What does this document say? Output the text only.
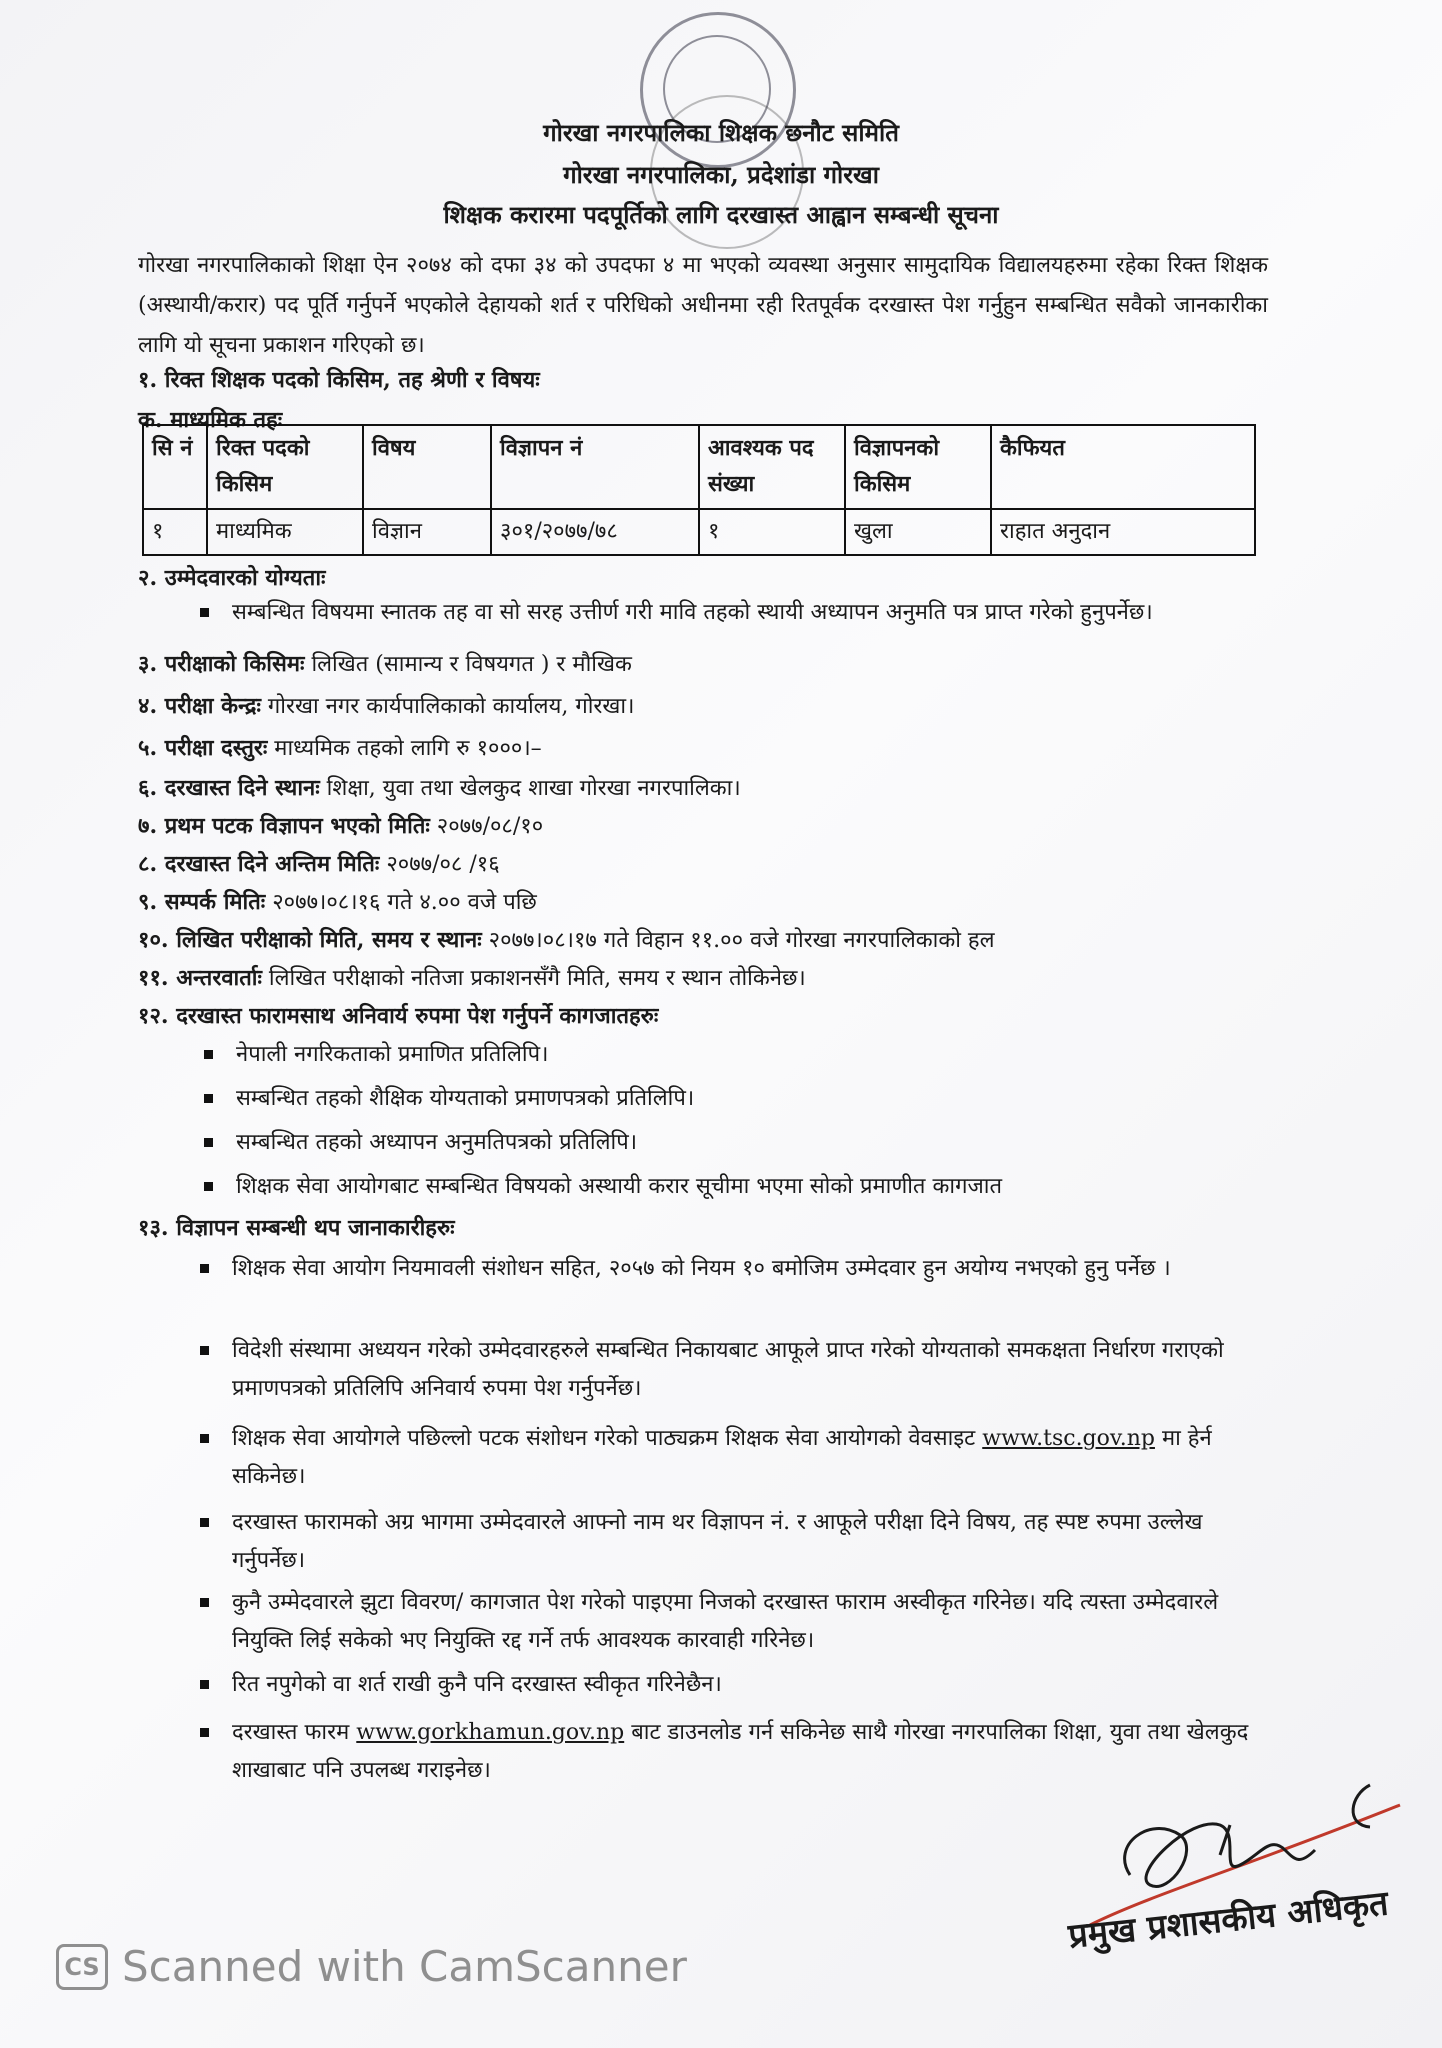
गोरखा नगरपालिका शिक्षक छनौट समिति
गोरखा नगरपालिका, प्रदेशांडा गोरखा
शिक्षक करारमा पदपूर्तिको लागि दरखास्त आह्वान सम्बन्धी सूचना
गोरखा नगरपालिकाको शिक्षा ऐन २०७४ को दफा ३४ को उपदफा ४ मा भएको व्यवस्था अनुसार सामुदायिक विद्यालयहरुमा रहेका रिक्त शिक्षक (अस्थायी/करार) पद पूर्ति गर्नुपर्ने भएकोले देहायको शर्त र परिधिको अधीनमा रही रितपूर्वक दरखास्त पेश गर्नुहुन सम्बन्धित सवैको जानकारीका लागि यो सूचना प्रकाशन गरिएको छ।
१. रिक्त शिक्षक पदको किसिम, तह श्रेणी र विषयः
क. माध्यमिक तहः
सि नं	रिक्त पदको किसिम	विषय	विज्ञापन नं	आवश्यक पद संख्या	विज्ञापनको किसिम	कैफियत
१	माध्यमिक	विज्ञान	३०१/२०७७/७८	१	खुला	राहात अनुदान
२. उम्मेदवारको योग्यताः
सम्बन्धित विषयमा स्नातक तह वा सो सरह उत्तीर्ण गरी मावि तहको स्थायी अध्यापन अनुमति पत्र प्राप्त गरेको हुनुपर्नेछ।
३. परीक्षाको किसिमः लिखित (सामान्य र विषयगत ) र मौखिक
४. परीक्षा केन्द्रः गोरखा नगर कार्यपालिकाको कार्यालय, गोरखा।
५. परीक्षा दस्तुरः माध्यमिक तहको लागि रु १०००।–
६. दरखास्त दिने स्थानः शिक्षा, युवा तथा खेलकुद शाखा गोरखा नगरपालिका।
७. प्रथम पटक विज्ञापन भएको मितिः २०७७/०८/१०
८. दरखास्त दिने अन्तिम मितिः २०७७/०८ /१६
९. सम्पर्क मितिः २०७७।०८।१६ गते ४.०० वजे पछि
१०. लिखित परीक्षाको मिति, समय र स्थानः २०७७।०८।१७ गते विहान ११.०० वजे गोरखा नगरपालिकाको हल
११. अन्तरवार्ताः लिखित परीक्षाको नतिजा प्रकाशनसँगै मिति, समय र स्थान तोकिनेछ।
१२. दरखास्त फारामसाथ अनिवार्य रुपमा पेश गर्नुपर्ने कागजातहरुः
नेपाली नगरिकताको प्रमाणित प्रतिलिपि।
सम्बन्धित तहको शैक्षिक योग्यताको प्रमाणपत्रको प्रतिलिपि।
सम्बन्धित तहको अध्यापन अनुमतिपत्रको प्रतिलिपि।
शिक्षक सेवा आयोगबाट सम्बन्धित विषयको अस्थायी करार सूचीमा भएमा सोको प्रमाणीत कागजात
१३. विज्ञापन सम्बन्धी थप जानाकारीहरुः
शिक्षक सेवा आयोग नियमावली संशोधन सहित, २०५७ को नियम १० बमोजिम उम्मेदवार हुन अयोग्य नभएको हुनु पर्नेछ ।
विदेशी संस्थामा अध्ययन गरेको उम्मेदवारहरुले सम्बन्धित निकायबाट आफूले प्राप्त गरेको योग्यताको समकक्षता निर्धारण गराएको प्रमाणपत्रको प्रतिलिपि अनिवार्य रुपमा पेश गर्नुपर्नेछ।
शिक्षक सेवा आयोगले पछिल्लो पटक संशोधन गरेको पाठ्यक्रम शिक्षक सेवा आयोगको वेवसाइट www.tsc.gov.np मा हेर्न सकिनेछ।
दरखास्त फारामको अग्र भागमा उम्मेदवारले आफ्नो नाम थर विज्ञापन नं. र आफूले परीक्षा दिने विषय, तह स्पष्ट रुपमा उल्लेख गर्नुपर्नेछ।
कुनै उम्मेदवारले झुटा विवरण/ कागजात पेश गरेको पाइएमा निजको दरखास्त फाराम अस्वीकृत गरिनेछ। यदि त्यस्ता उम्मेदवारले नियुक्ति लिई सकेको भए नियुक्ति रद्द गर्ने तर्फ आवश्यक कारवाही गरिनेछ।
रित नपुगेको वा शर्त राखी कुनै पनि दरखास्त स्वीकृत गरिनेछैन।
दरखास्त फारम www.gorkhamun.gov.np बाट डाउनलोड गर्न सकिनेछ साथै गोरखा नगरपालिका शिक्षा, युवा तथा खेलकुद शाखाबाट पनि उपलब्ध गराइनेछ।
प्रमुख प्रशासकीय अधिकृत
CS Scanned with CamScanner
